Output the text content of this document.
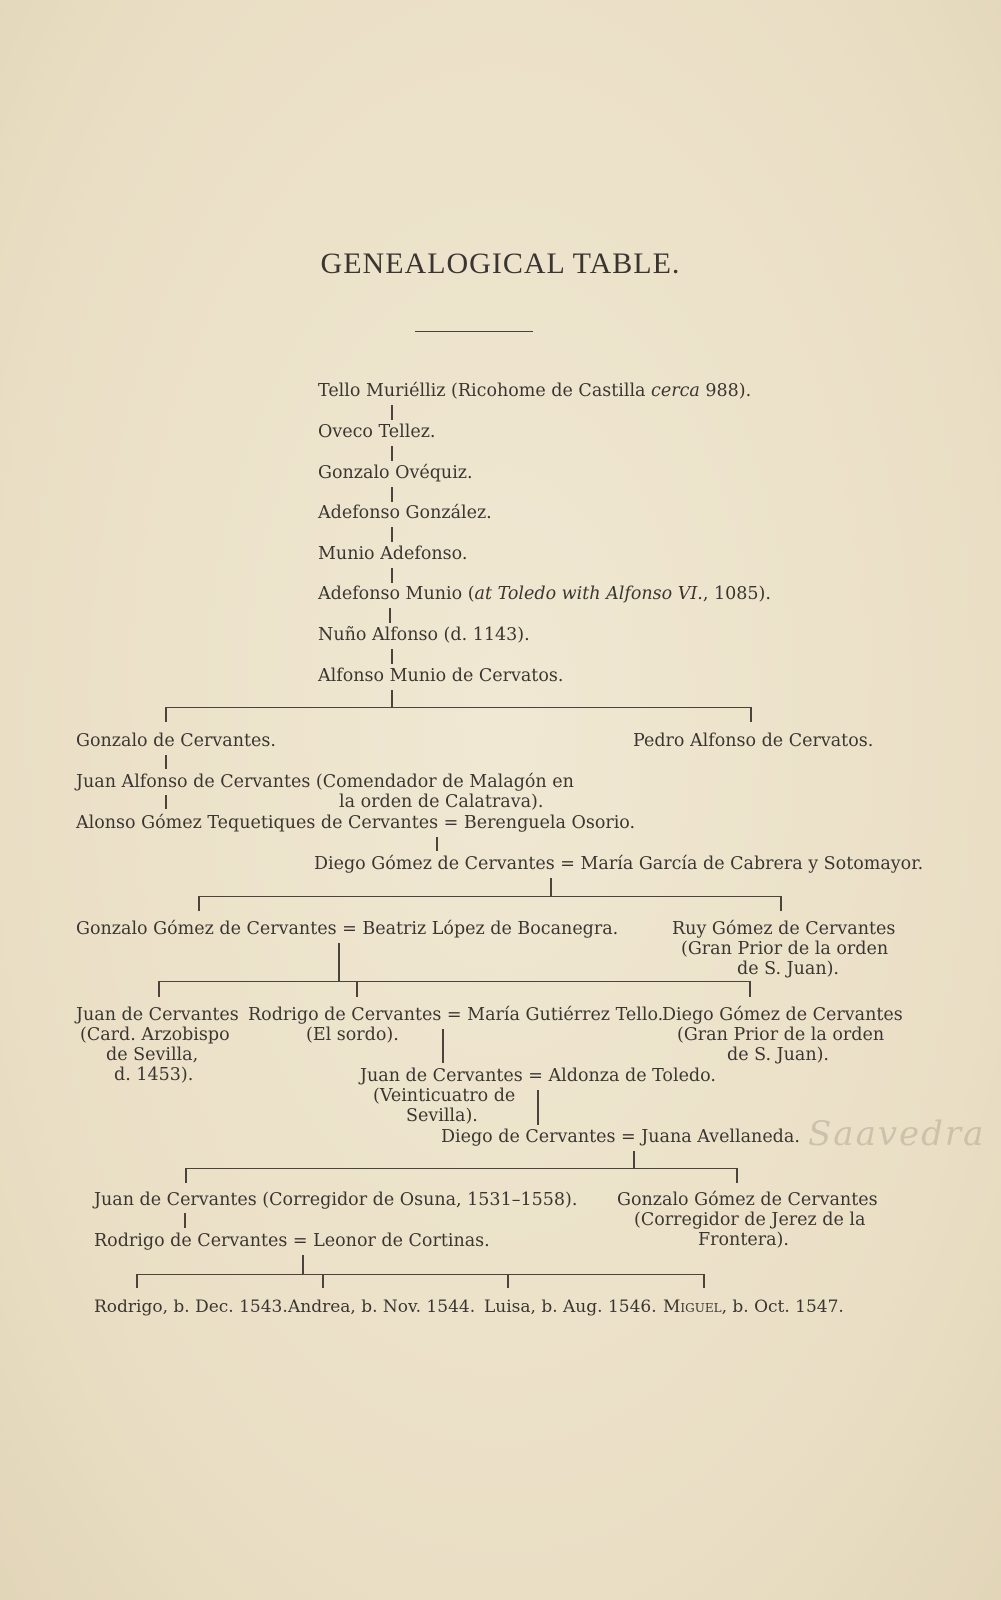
GENEALOGICAL TABLE.
Tello Muriélliz (Ricohome de Castilla cerca 988).
Oveco Tellez.
Gonzalo Ovéquiz.
Adefonso González.
Munio Adefonso.
Adefonso Munio (at Toledo with Alfonso VI., 1085).
Nuño Alfonso (d. 1143).
Alfonso Munio de Cervatos.
Gonzalo de Cervantes.	Pedro Alfonso de Cervatos.
Juan Alfonso de Cervantes (Comendador de Malagón en
la orden de Calatrava).
Alonso Gómez Tequetiques de Cervantes = Berenguela Osorio.
Diego Gómez de Cervantes = María García de Cabrera y Sotomayor.
Gonzalo Gómez de Cervantes = Beatriz López de Bocanegra.	Ruy Gómez de Cervantes
(Gran Prior de la orden
de S. Juan).
Juan de Cervantes
(Card. Arzobispo
de Sevilla,
d. 1453).
Rodrigo de Cervantes = María Gutiérrez Tello.
(El sordo).
Diego Gómez de Cervantes
(Gran Prior de la orden
de S. Juan).
Juan de Cervantes = Aldonza de Toledo.
(Veinticuatro de
Sevilla).
Diego de Cervantes = Juana Avellaneda. Saavedra
Juan de Cervantes (Corregidor de Osuna, 1531–1558). Gonzalo Gómez de Cervantes
(Corregidor de Jerez de la
Frontera).
Rodrigo de Cervantes = Leonor de Cortinas.
Rodrigo, b. Dec. 1543. Andrea, b. Nov. 1544. Luisa, b. Aug. 1546. Miguel, b. Oct. 1547.
